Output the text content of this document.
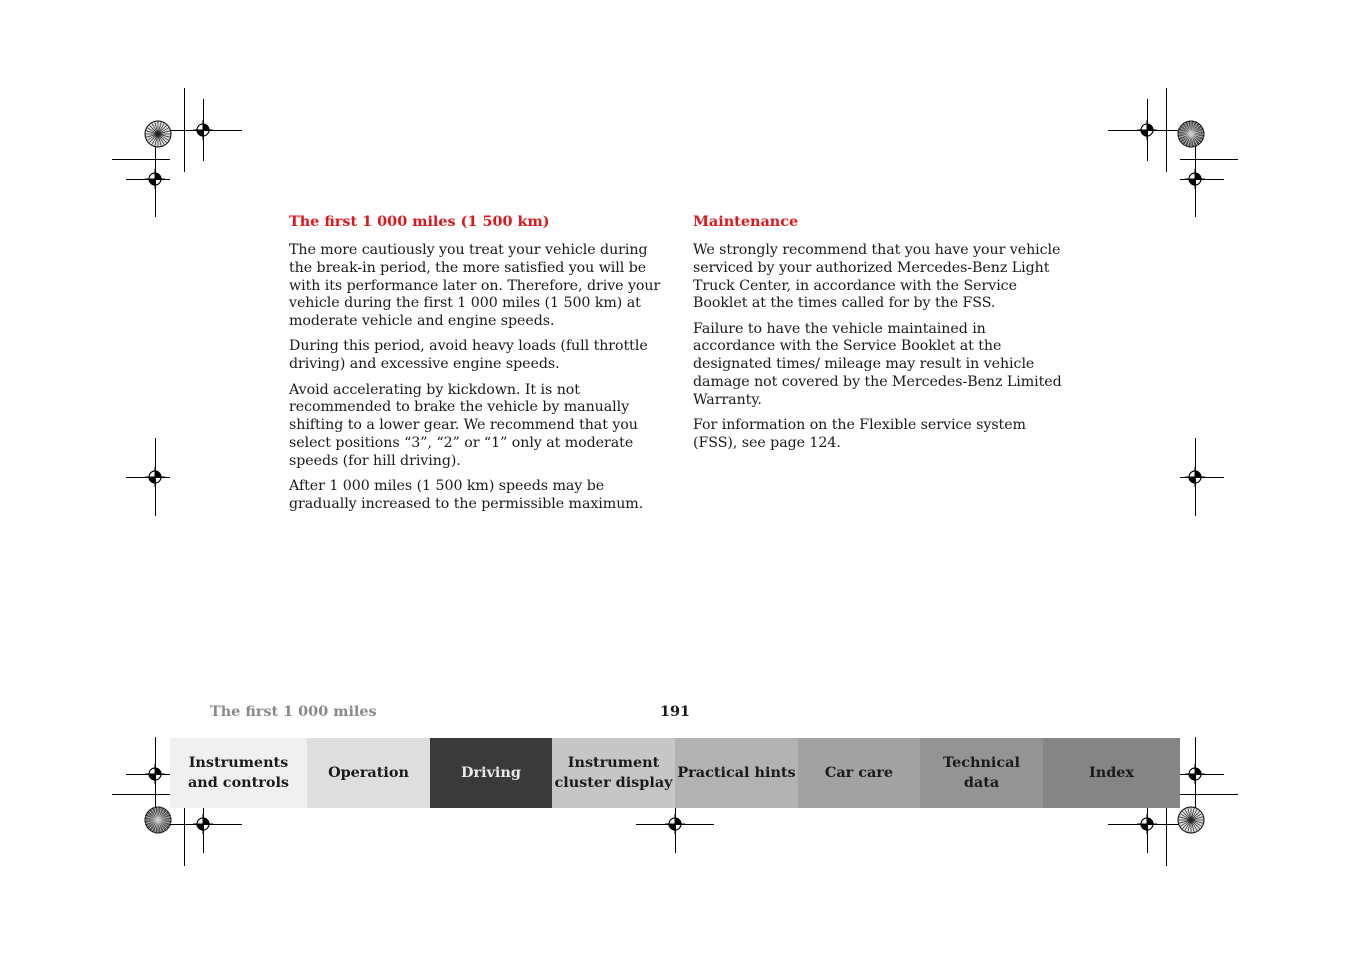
The first 1 000 miles (1 500 km)

The more cautiously you treat your vehicle during the break-in period, the more satisfied you will be with its performance later on. Therefore, drive your vehicle during the first 1 000 miles (1 500 km) at moderate vehicle and engine speeds.

During this period, avoid heavy loads (full throttle driving) and excessive engine speeds.

Avoid accelerating by kickdown. It is not recommended to brake the vehicle by manually shifting to a lower gear. We recommend that you select positions “3”, “2” or “1” only at moderate speeds (for hill driving).

After 1 000 miles (1 500 km) speeds may be gradually increased to the permissible maximum.

Maintenance

We strongly recommend that you have your vehicle serviced by your authorized Mercedes-Benz Light Truck Center, in accordance with the Service Booklet at the times called for by the FSS.

Failure to have the vehicle maintained in accordance with the Service Booklet at the designated times/ mileage may result in vehicle damage not covered by the Mercedes-Benz Limited Warranty.

For information on the Flexible service system (FSS), see page 124.

The first 1 000 miles	191
Instruments
and controls
Operation	Driving
Instrument
cluster display
Practical hints	Car care
Technical
data
Index
